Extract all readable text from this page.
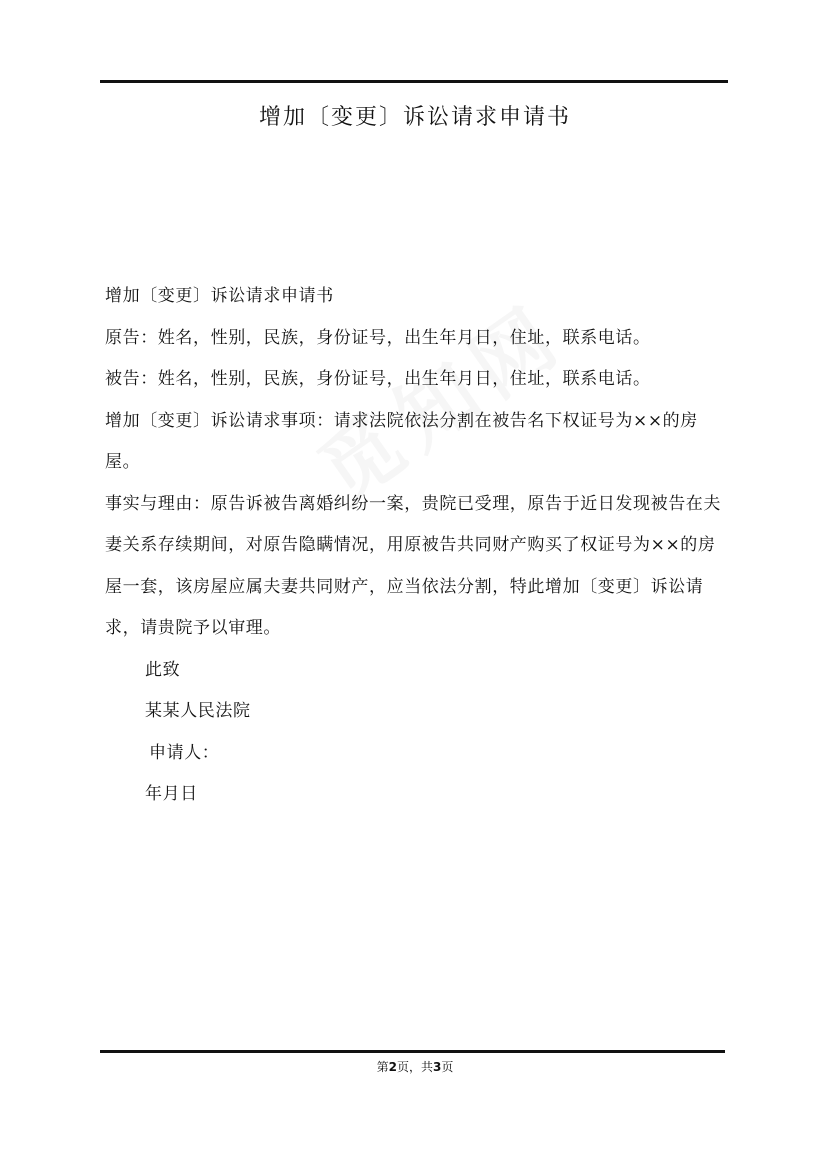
增加〔变更〕诉讼请求申请书

增加〔变更〕诉讼请求申请书

原告：姓名，性别，民族，身份证号，出生年月日，住址，联系电话。

被告：姓名，性别，民族，身份证号，出生年月日，住址，联系电话。

增加〔变更〕诉讼请求事项：请求法院依法分割在被告名下权证号为××的房屋。

事实与理由：原告诉被告离婚纠纷一案，贵院已受理，原告于近日发现被告在夫妻关系存续期间，对原告隐瞒情况，用原被告共同财产购买了权证号为××的房屋一套，该房屋应属夫妻共同财产，应当依法分割，特此增加〔变更〕诉讼请求，请贵院予以审理。

此致

某某人民法院

申请人：

年月日

第2页，共3页
